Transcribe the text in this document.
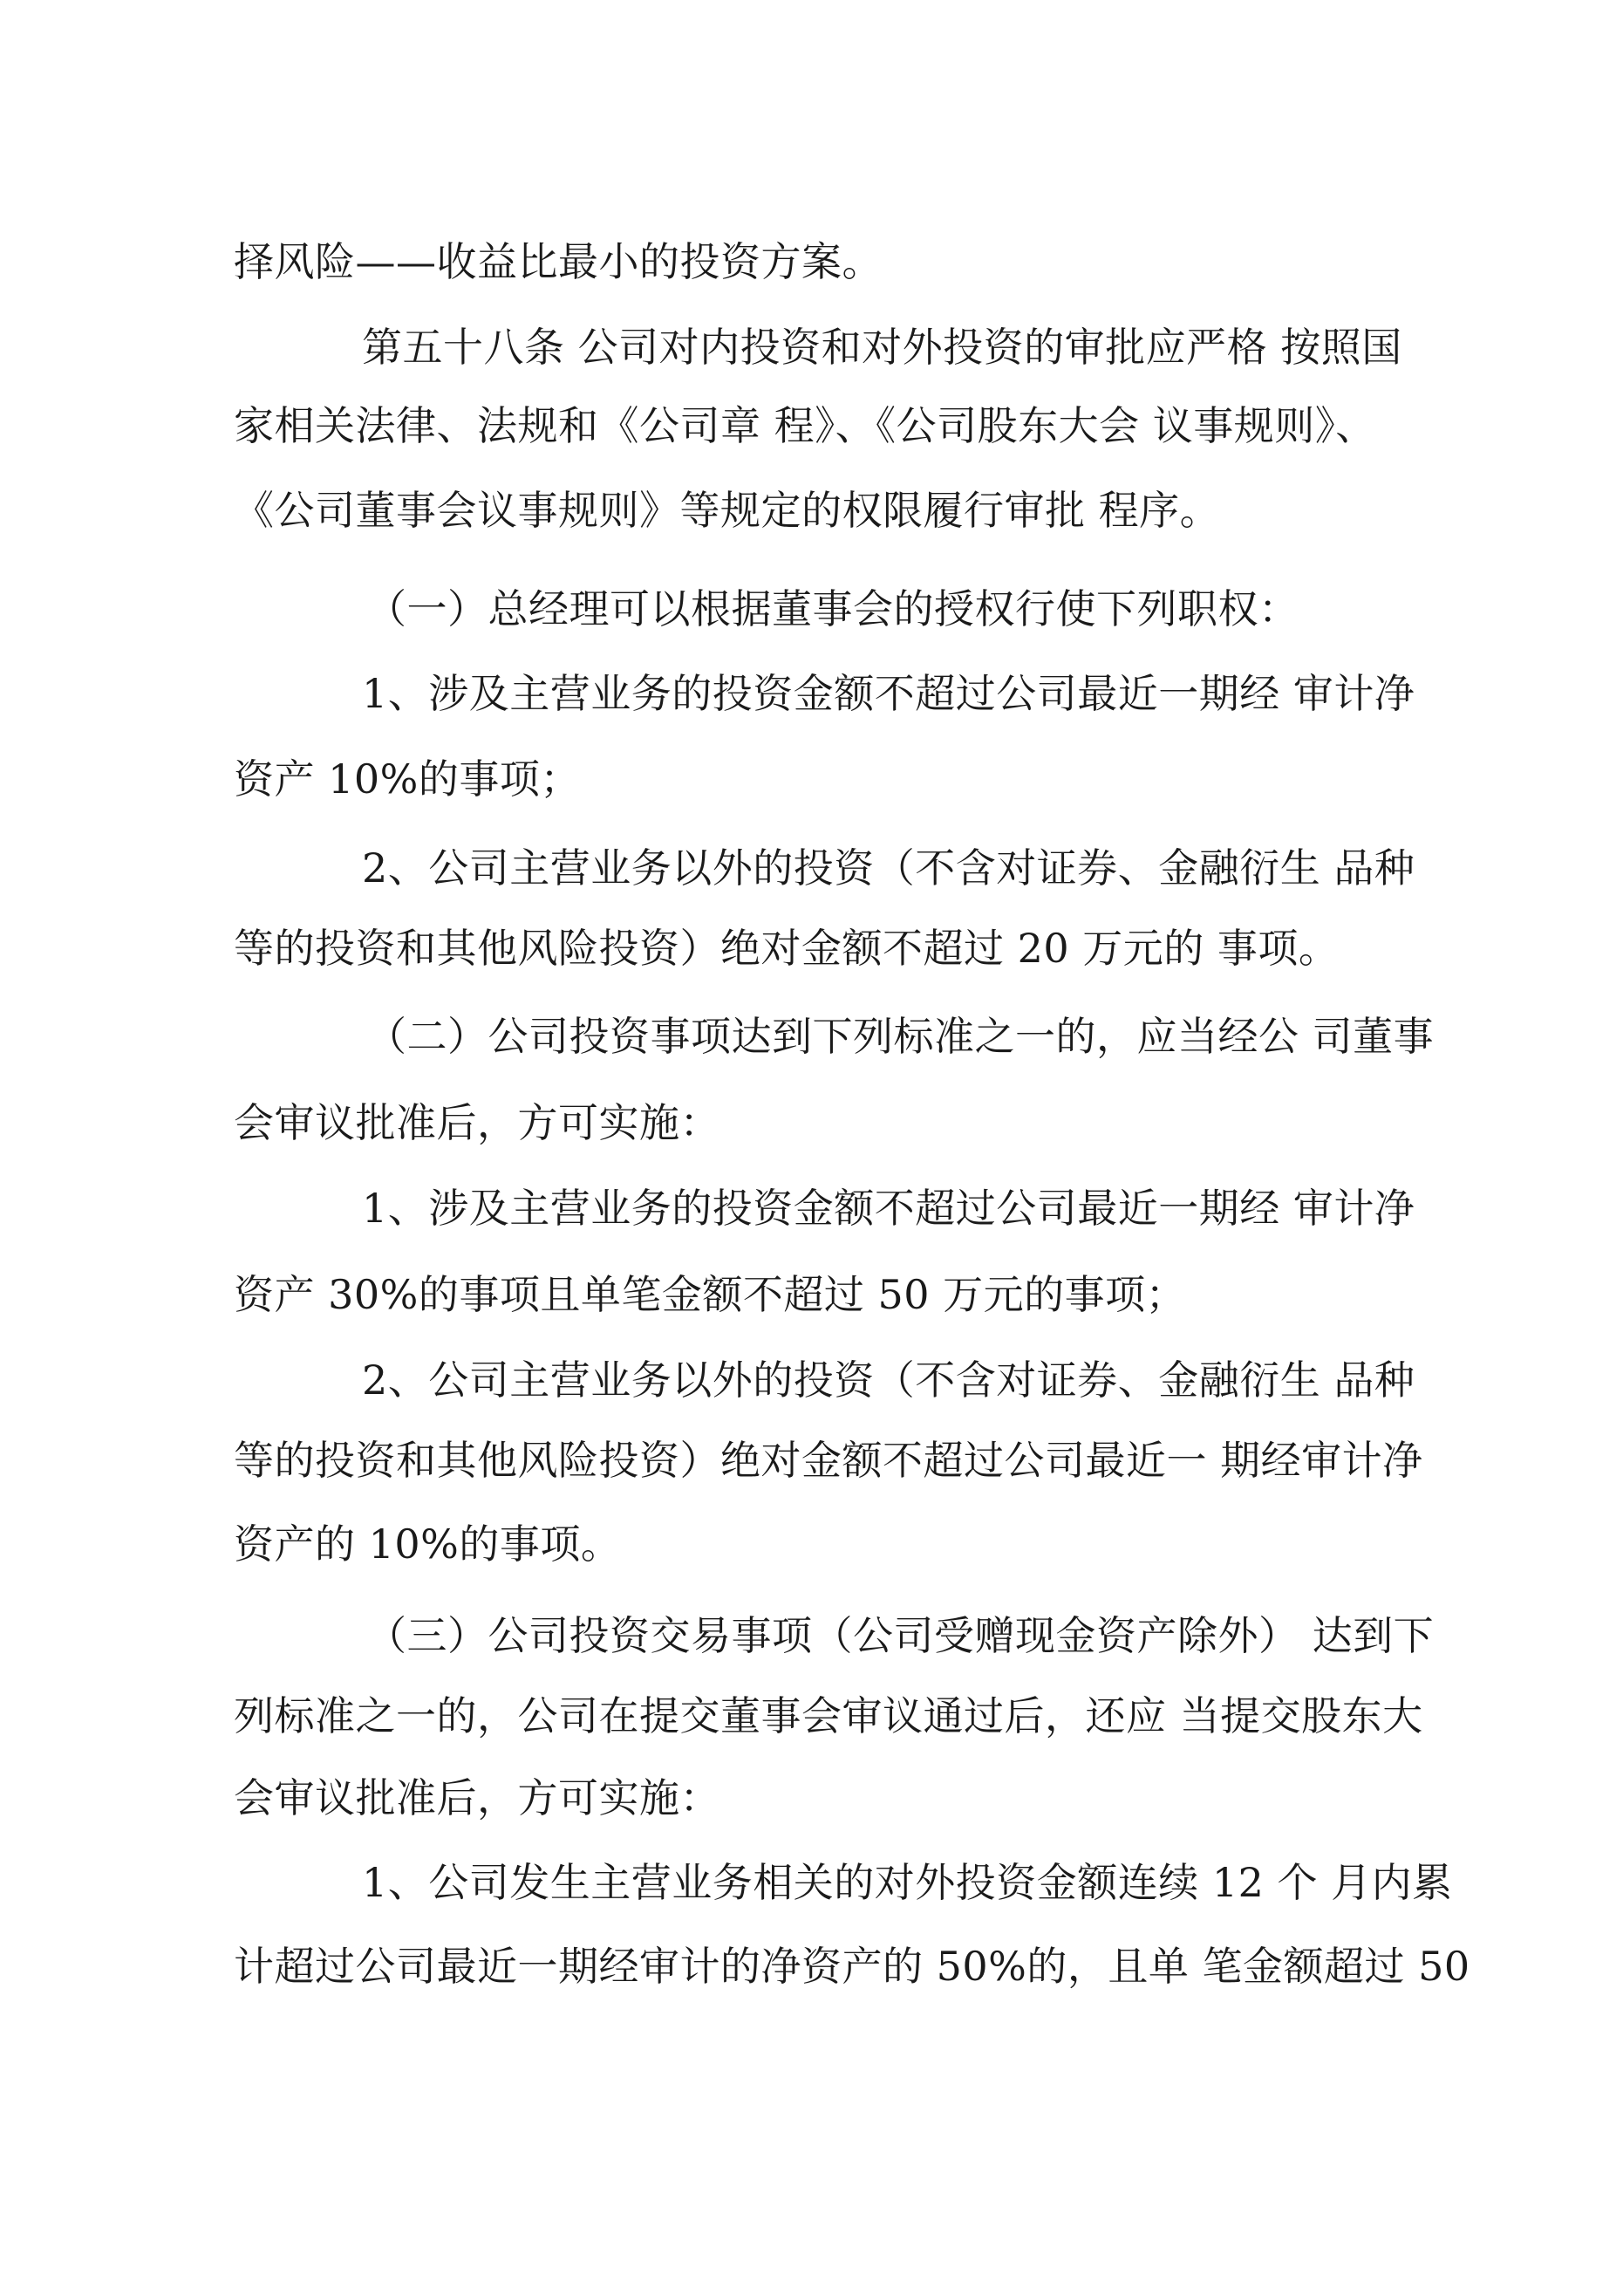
择风险——收益比最小的投资方案。
第五十八条 公司对内投资和对外投资的审批应严格 按照国
家相关法律、法规和《公司章 程》、《公司股东大会 议事规则》、
《公司董事会议事规则》等规定的权限履行审批 程序。
（一）总经理可以根据董事会的授权行使下列职权：
1、涉及主营业务的投资金额不超过公司最近一期经 审计净
资产 10%的事项；
2、公司主营业务以外的投资（不含对证券、金融衍生 品种
等的投资和其他风险投资）绝对金额不超过 20 万元的 事项。
（二）公司投资事项达到下列标准之一的，应当经公 司董事
会审议批准后，方可实施：
1、涉及主营业务的投资金额不超过公司最近一期经 审计净
资产 30%的事项且单笔金额不超过 50 万元的事项；
2、公司主营业务以外的投资（不含对证券、金融衍生 品种
等的投资和其他风险投资）绝对金额不超过公司最近一 期经审计净
资产的 10%的事项。
（三）公司投资交易事项（公司受赠现金资产除外） 达到下
列标准之一的，公司在提交董事会审议通过后，还应 当提交股东大
会审议批准后，方可实施：
1、公司发生主营业务相关的对外投资金额连续 12 个 月内累
计超过公司最近一期经审计的净资产的 50%的，且单 笔金额超过 50
